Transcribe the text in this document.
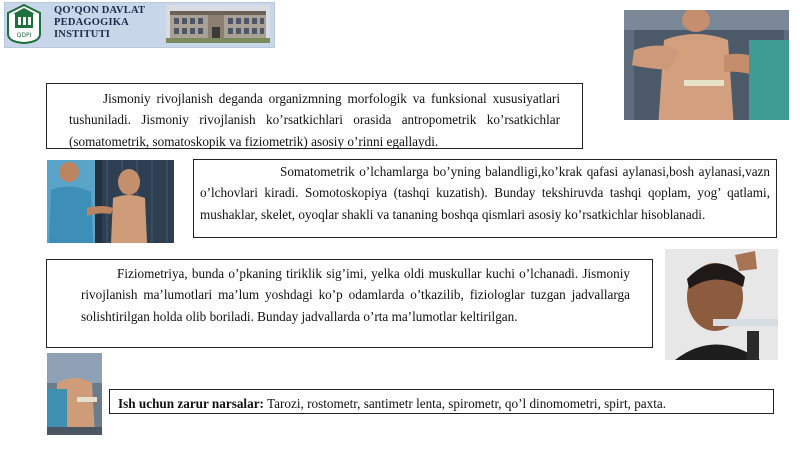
QDPI
QO’QON DAVLAT
PEDAGOGIKA
INSTITUTI

Jismoniy rivojlanish deganda organizmning morfologik va funksional xususiyatlari tushuniladi. Jismoniy rivojlanish ko’rsatkichlari orasida antropometrik ko’rsatkichlar (somatometrik, somatoskopik va fiziometrik) asosiy o’rinni egallaydi.

Somatometrik o’lchamlarga bo’yning balandligi,ko’krak qafasi aylanasi,bosh aylanasi,vazn o’lchovlari kiradi. Somotoskopiya (tashqi kuzatish). Bunday tekshiruvda tashqi qoplam, yog’ qatlami, mushaklar, skelet, oyoqlar shakli va tananing boshqa qismlari asosiy ko’rsatkichlar hisoblanadi.

Fiziometriya, bunda o’pkaning tiriklik sig’imi, yelka oldi muskullar kuchi o’lchanadi. Jismoniy rivojlanish ma’lumotlari ma’lum yoshdagi ko’p odamlarda o’tkazilib, fiziologlar tuzgan jadvallarga solishtirilgan holda olib boriladi. Bunday jadvallarda o’rta ma’lumotlar keltirilgan.

Ish uchun zarur narsalar: Tarozi, rostometr, santimetr lenta, spirometr, qo’l dinomometri, spirt, paxta.
